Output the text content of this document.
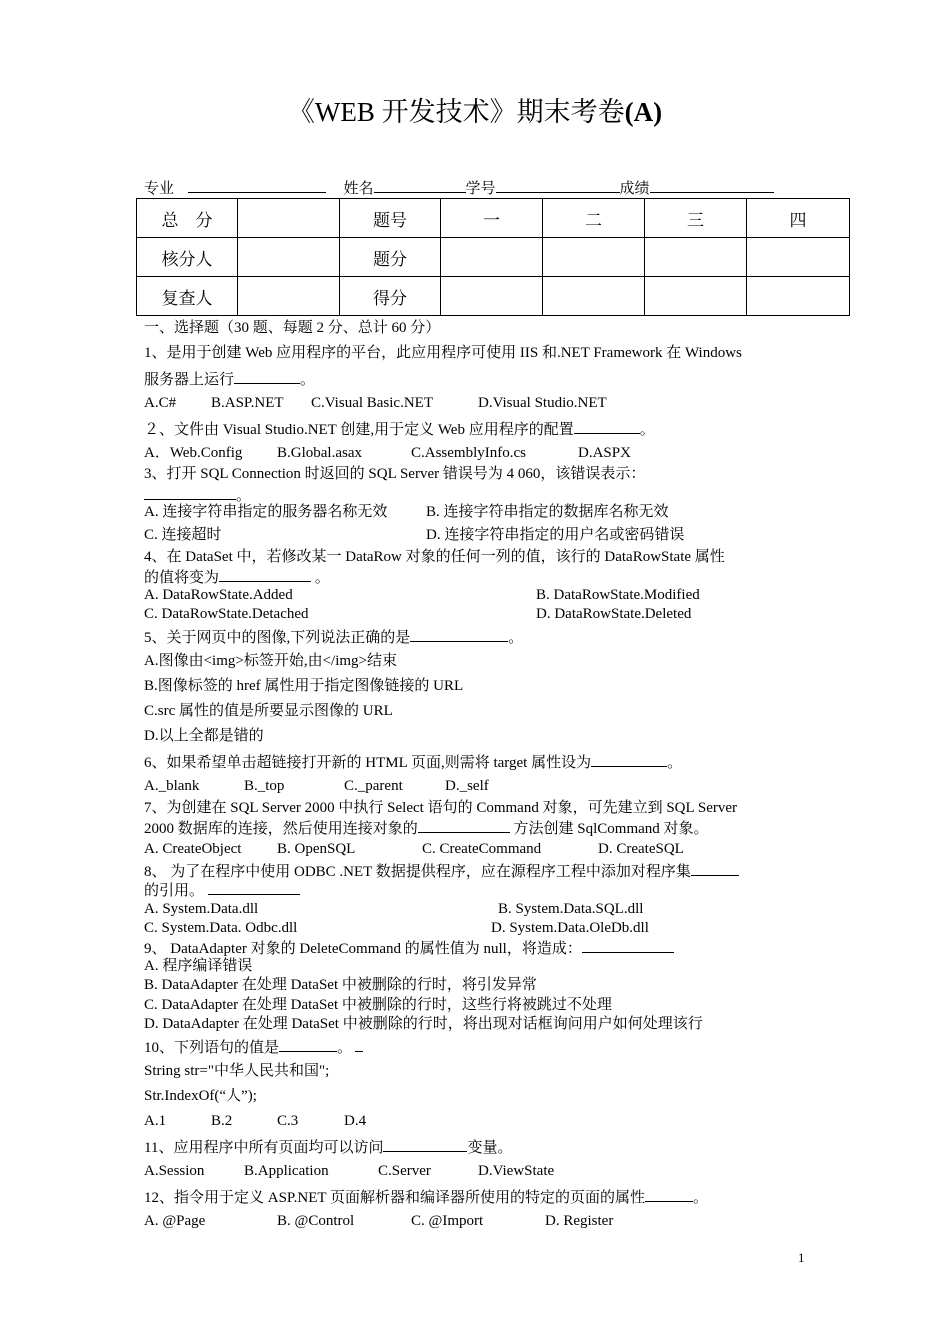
《WEB 开发技术》期末考卷(A)
专业	姓名	学号	成绩
总　分		题号	一	二	三	四
核分人		题分				
复查人		得分				
一、选择题（30 题、每题 2 分、总计 60 分）
1、是用于创建 Web 应用程序的平台，此应用程序可使用 IIS 和.NET Framework 在 Windows
服务器上运行	。
A.C# B.ASP.NET C.Visual Basic.NET	D.Visual Studio.NET
２、文件由 Visual Studio.NET 创建,用于定义 Web 应用程序的配置	。
A．Web.Config B.Global.asax	C.AssemblyInfo.cs	D.ASPX
3、打开 SQL Connection 时返回的 SQL Server 错误号为 4 060，该错误表示：
。
A. 连接字符串指定的服务器名称无效	B. 连接字符串指定的数据库名称无效
C. 连接超时	D. 连接字符串指定的用户名或密码错误
4、在 DataSet 中，若修改某一 DataRow 对象的任何一列的值，该行的 DataRowState 属性
的值将变为	。
A. DataRowState.Added	B. DataRowState.Modified
C. DataRowState.Detached	D. DataRowState.Deleted
5、关于网页中的图像,下列说法正确的是	。
A.图像由<img>标签开始,由</img>结束
B.图像标签的 href 属性用于指定图像链接的 URL
C.src 属性的值是所要显示图像的 URL
D.以上全都是错的
6、如果希望单击超链接打开新的 HTML 页面,则需将 target 属性设为	。
A._blank	B._top	C._parent	D._self
7、为创建在 SQL Server 2000 中执行 Select 语句的 Command 对象，可先建立到 SQL Server
2000 数据库的连接，然后使用连接对象的	方法创建 SqlCommand 对象。
A. CreateObject B. OpenSQL	C. CreateCommand	D. CreateSQL
8、 为了在程序中使用 ODBC .NET 数据提供程序，应在源程序工程中添加对程序集
的引用。
A. System.Data.dll	B. System.Data.SQL.dll
C. System.Data. Odbc.dll	D. System.Data.OleDb.dll
9、 DataAdapter 对象的 DeleteCommand 的属性值为 null，将造成：
A. 程序编译错误
B. DataAdapter 在处理 DataSet 中被删除的行时，将引发异常
C. DataAdapter 在处理 DataSet 中被删除的行时，这些行将被跳过不处理
D. DataAdapter 在处理 DataSet 中被删除的行时，将出现对话框询问用户如何处理该行
10、下列语句的值是	。
String str="中华人民共和国";
Str.IndexOf(“人”);
A.1	B.2	C.3	D.4
11、应用程序中所有页面均可以访问	变量。
A.Session	B.Application	C.Server	D.ViewState
12、指令用于定义 ASP.NET 页面解析器和编译器所使用的特定的页面的属性	。
A. @Page	B. @Control	C. @Import	D. Register
1
